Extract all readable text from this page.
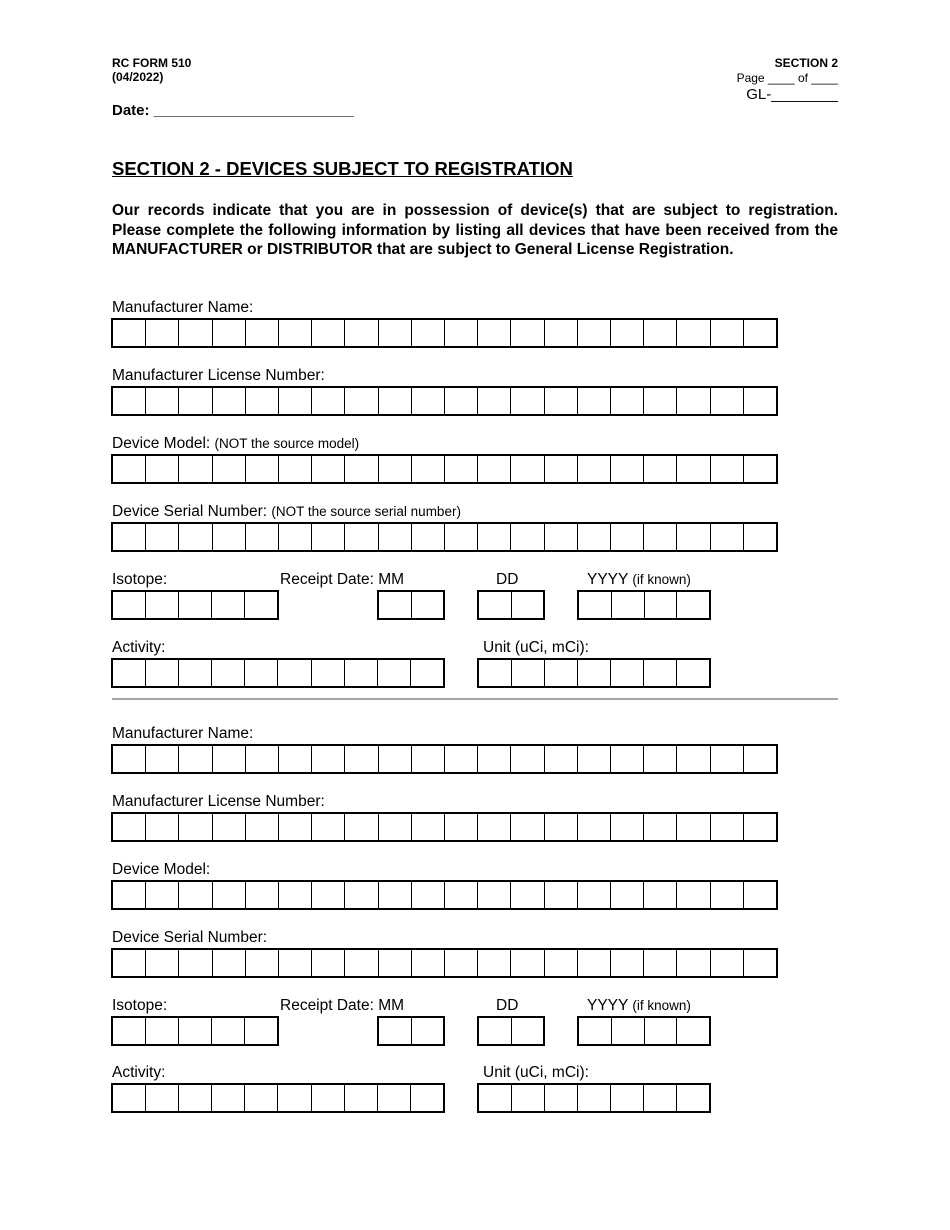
RC FORM 510
(04/2022)
SECTION 2
Page ____ of ____
GL-________
Date: ________________________
SECTION 2 - DEVICES SUBJECT TO REGISTRATION
Our records indicate that you are in possession of device(s) that are subject to registration. Please complete the following information by listing all devices that have been received from the MANUFACTURER or DISTRIBUTOR that are subject to General License Registration.
Manufacturer Name:
Manufacturer License Number:
Device Model: (NOT the source model)
Device Serial Number: (NOT the source serial number)
Isotope:	Receipt Date: MM	DD	YYYY (if known)
Activity:	Unit (uCi, mCi):
Manufacturer Name:
Manufacturer License Number:
Device Model:
Device Serial Number:
Isotope:	Receipt Date: MM	DD	YYYY (if known)
Activity:	Unit (uCi, mCi):
